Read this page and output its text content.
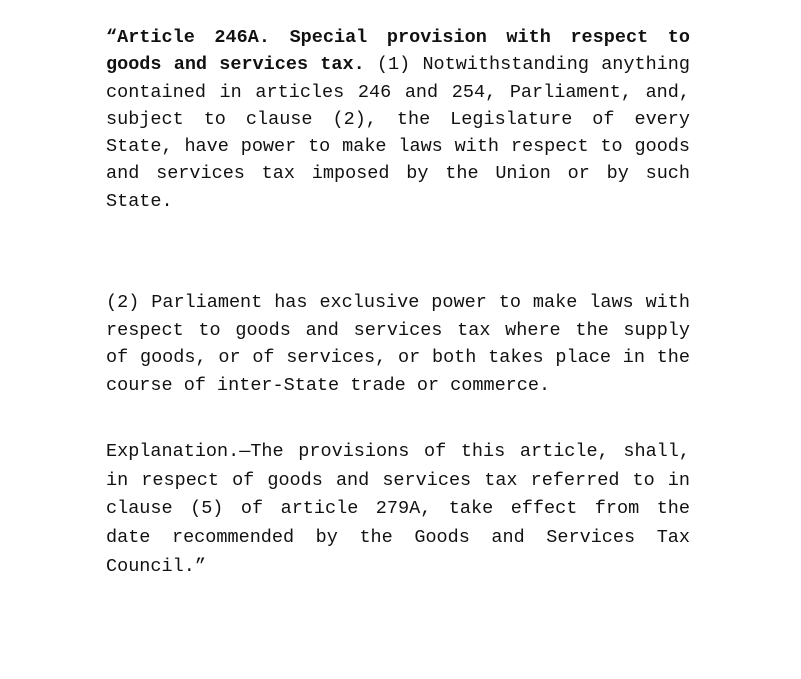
“Article 246A. Special provision with respect to goods and services tax. (1) Notwithstanding anything contained in articles 246 and 254, Parliament, and, subject to clause (2), the Legislature of every State, have power to make laws with respect to goods and services tax imposed by the Union or by such State.

(2) Parliament has exclusive power to make laws with respect to goods and services tax where the supply of goods, or of services, or both takes place in the course of inter-State trade or commerce.

Explanation.—The provisions of this article, shall, in respect of goods and services tax referred to in clause (5) of article 279A, take effect from the date recommended by the Goods and Services Tax Council.”
